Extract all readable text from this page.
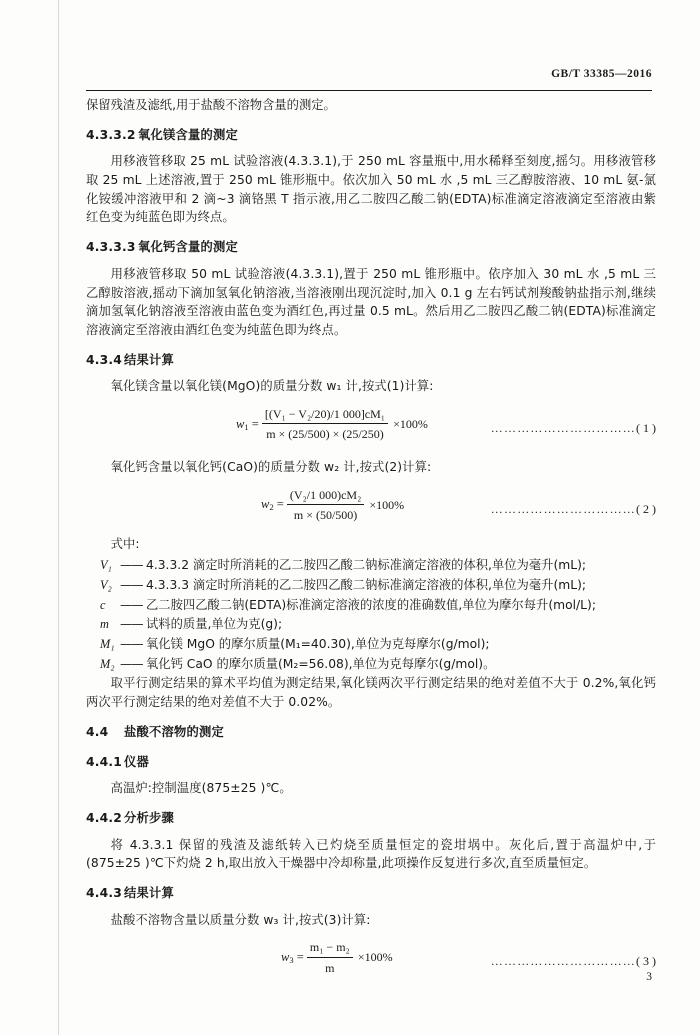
GB/T 33385—2016

保留残渣及滤纸,用于盐酸不溶物含量的测定。

4.3.3.2 氧化镁含量的测定

用移液管移取 25 mL 试验溶液(4.3.3.1),于 250 mL 容量瓶中,用水稀释至刻度,摇匀。用移液管移取 25 mL 上述溶液,置于 250 mL 锥形瓶中。依次加入 50 mL 水 ,5 mL 三乙醇胺溶液、10 mL 氨-氯化铵缓冲溶液甲和 2 滴~3 滴铬黑 T 指示液,用乙二胺四乙酸二钠(EDTA)标准滴定溶液滴定至溶液由紫红色变为纯蓝色即为终点。

4.3.3.3 氧化钙含量的测定

用移液管移取 50 mL 试验溶液(4.3.3.1),置于 250 mL 锥形瓶中。依序加入 30 mL 水 ,5 mL 三乙醇胺溶液,摇动下滴加氢氧化钠溶液,当溶液刚出现沉淀时,加入 0.1 g 左右钙试剂羧酸钠盐指示剂,继续滴加氢氧化钠溶液至溶液由蓝色变为酒红色,再过量 0.5 mL。然后用乙二胺四乙酸二钠(EDTA)标准滴定溶液滴定至溶液由酒红色变为纯蓝色即为终点。

4.3.4 结果计算

氧化镁含量以氧化镁(MgO)的质量分数 w₁ 计,按式(1)计算:

$w1 = \frac{\text{[(V₁ − V₂/20)/1 000]cM₁}}{m \times (25/500) \times (25/250)} \times 100\%$	……………………………( 1 )

氧化钙含量以氧化钙(CaO)的质量分数 w₂ 计,按式(2)计算:

$w2 = \frac{\text{(V₂/1 000)cM₂}}{m \times (50/500)} \times 100\%$	……………………………( 2 )

式中:

V₁ —— 4.3.3.2 滴定时所消耗的乙二胺四乙酸二钠标准滴定溶液的体积,单位为毫升(mL);
V₂ —— 4.3.3.3 滴定时所消耗的乙二胺四乙酸二钠标准滴定溶液的体积,单位为毫升(mL);
c	—— 乙二胺四乙酸二钠(EDTA)标准滴定溶液的浓度的准确数值,单位为摩尔每升(mol/L);
m —— 试料的质量,单位为克(g);
M₁ —— 氧化镁 MgO 的摩尔质量(M₁=40.30),单位为克每摩尔(g/mol);
M₂ —— 氧化钙 CaO 的摩尔质量(M₂=56.08),单位为克每摩尔(g/mol)。

取平行测定结果的算术平均值为测定结果,氧化镁两次平行测定结果的绝对差值不大于 0.2%,氧化钙两次平行测定结果的绝对差值不大于 0.02%。

4.4 盐酸不溶物的测定
4.4.1 仪器

高温炉:控制温度(875±25 )℃。

4.4.2 分析步骤

将 4.3.3.1 保留的残渣及滤纸转入已灼烧至质量恒定的瓷坩埚中。灰化后,置于高温炉中,于(875±25 )℃下灼烧 2 h,取出放入干燥器中冷却称量,此项操作反复进行多次,直至质量恒定。

4.4.3 结果计算

盐酸不溶物含量以质量分数 w₃ 计,按式(3)计算:

$w3 = \frac{\text{m₁ − m₂}}{m} \times 100\%$	……………………………( 3 )
3
